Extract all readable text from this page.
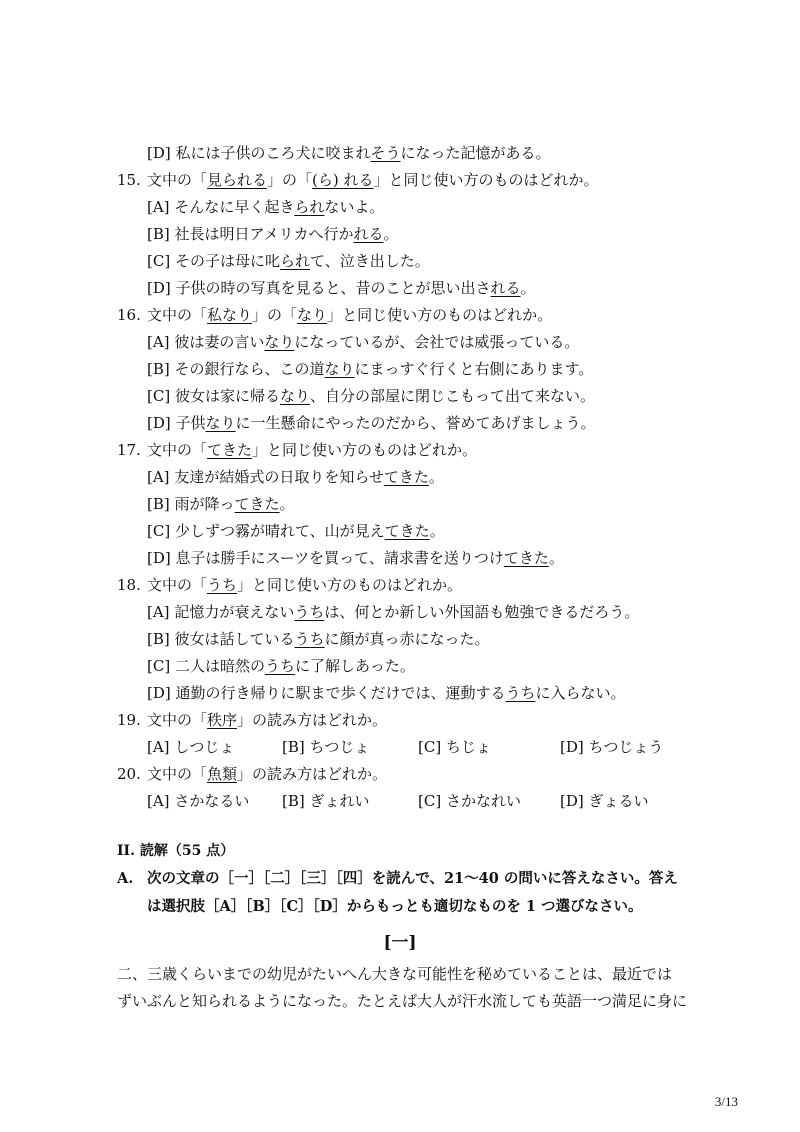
[D] 私には子供のころ犬に咬まれそうになった記憶がある。
15. 文中の「見られる」の「(ら) れる」と同じ使い方のものはどれか。
[A] そんなに早く起きられないよ。
[B] 社長は明日アメリカへ行かれる。
[C] その子は母に叱られて、泣き出した。
[D] 子供の時の写真を見ると、昔のことが思い出される。
16. 文中の「私なり」の「なり」と同じ使い方のものはどれか。
[A] 彼は妻の言いなりになっているが、会社では威張っている。
[B] その銀行なら、この道なりにまっすぐ行くと右側にあります。
[C] 彼女は家に帰るなり、自分の部屋に閉じこもって出て来ない。
[D] 子供なりに一生懸命にやったのだから、誉めてあげましょう。
17. 文中の「てきた」と同じ使い方のものはどれか。
[A] 友達が結婚式の日取りを知らせてきた。
[B] 雨が降ってきた。
[C] 少しずつ霧が晴れて、山が見えてきた。
[D] 息子は勝手にスーツを買って、請求書を送りつけてきた。
18. 文中の「うち」と同じ使い方のものはどれか。
[A] 記憶力が衰えないうちは、何とか新しい外国語も勉強できるだろう。
[B] 彼女は話しているうちに顔が真っ赤になった。
[C] 二人は暗然のうちに了解しあった。
[D] 通勤の行き帰りに駅まで歩くだけでは、運動するうちに入らない。
19. 文中の「秩序」の読み方はどれか。
[A] しつじょ	[B] ちつじょ	[C] ちじょ	[D] ちつじょう
20. 文中の「魚類」の読み方はどれか。
[A] さかなるい [B] ぎょれい	[C] さかなれい	[D] ぎょるい
II. 読解（55 点）
A. 次の文章の［一］［二］［三］［四］を読んで、21～40 の問いに答えなさい。答え
は選択肢［A］［B］［C］［D］からもっとも適切なものを 1 つ選びなさい。
[一]
二、三歳くらいまでの幼児がたいへん大きな可能性を秘めていることは、最近では
ずいぶんと知られるようになった。たとえば大人が汗水流しても英語一つ満足に身に
3/13
